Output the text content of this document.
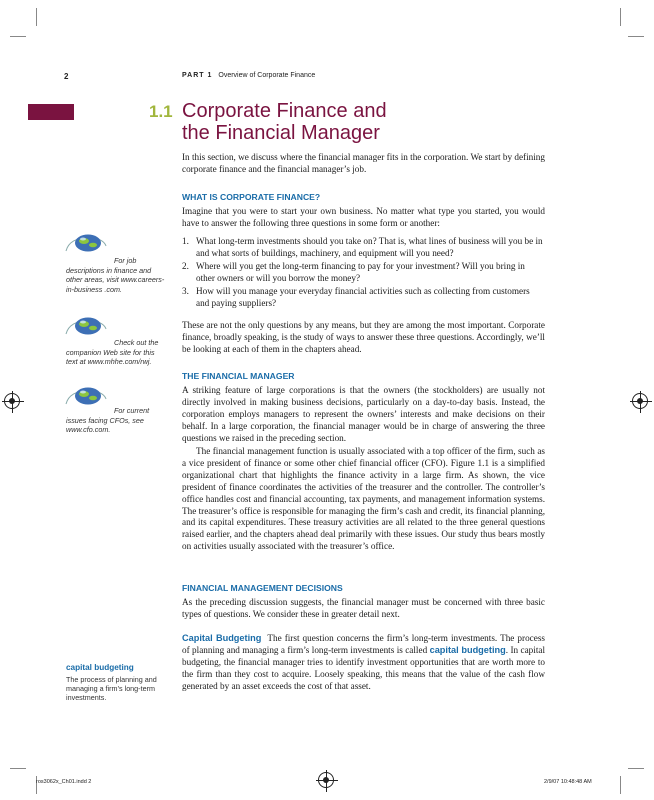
2	PART 1 Overview of Corporate Finance
1.1 Corporate Finance and
the Financial Manager
In this section, we discuss where the financial manager fits in the corporation. We start by defining corporate finance and the financial manager’s job.
WHAT IS CORPORATE FINANCE?
Imagine that you were to start your own business. No matter what type you started, you would have to answer the following three questions in some form or another:
1. What long-term investments should you take on? That is, what lines of business will you be in and what sorts of buildings, machinery, and equipment will you need?
2. Where will you get the long-term financing to pay for your investment? Will you bring in other owners or will you borrow the money?
3. How will you manage your everyday financial activities such as collecting from customers and paying suppliers?
These are not the only questions by any means, but they are among the most important. Corporate finance, broadly speaking, is the study of ways to answer these three questions. Accordingly, we’ll be looking at each of them in the chapters ahead.
THE FINANCIAL MANAGER
A striking feature of large corporations is that the owners (the stockholders) are usually not directly involved in making business decisions, particularly on a day-to-day basis. Instead, the corporation employs managers to represent the owners’ interests and make decisions on their behalf. In a large corporation, the financial manager would be in charge of answering the three questions we raised in the preceding section.
The financial management function is usually associated with a top officer of the firm, such as a vice president of finance or some other chief financial officer (CFO). Figure 1.1 is a simplified organizational chart that highlights the finance activity in a large firm. As shown, the vice president of finance coordinates the activities of the treasurer and the controller. The controller’s office handles cost and financial accounting, tax payments, and management information systems. The treasurer’s office is responsible for managing the firm’s cash and credit, its financial planning, and its capital expenditures. These treasury activities are all related to the three general questions raised earlier, and the chapters ahead deal primarily with these issues. Our study thus bears mostly on activities usually associated with the treasurer’s office.
FINANCIAL MANAGEMENT DECISIONS
As the preceding discussion suggests, the financial manager must be concerned with three basic types of questions. We consider these in greater detail next.
Capital Budgeting The first question concerns the firm’s long-term investments. The process of planning and managing a firm’s long-term investments is called capital budgeting. In capital budgeting, the financial manager tries to identify investment opportunities that are worth more to the firm than they cost to acquire. Loosely speaking, this means that the value of the cash flow generated by an asset exceeds the cost of that asset.
For job
descriptions in finance and other areas, visit www.careers-in-business .com.
Check out the
companion Web site for this text at www.mhhe.com/rwj.
For current
issues facing CFOs, see www.cfo.com.
capital budgeting
The process of planning and managing a firm’s long-term investments.
ros3062x_Ch01.indd 2	2/9/07 10:48:48 AM
